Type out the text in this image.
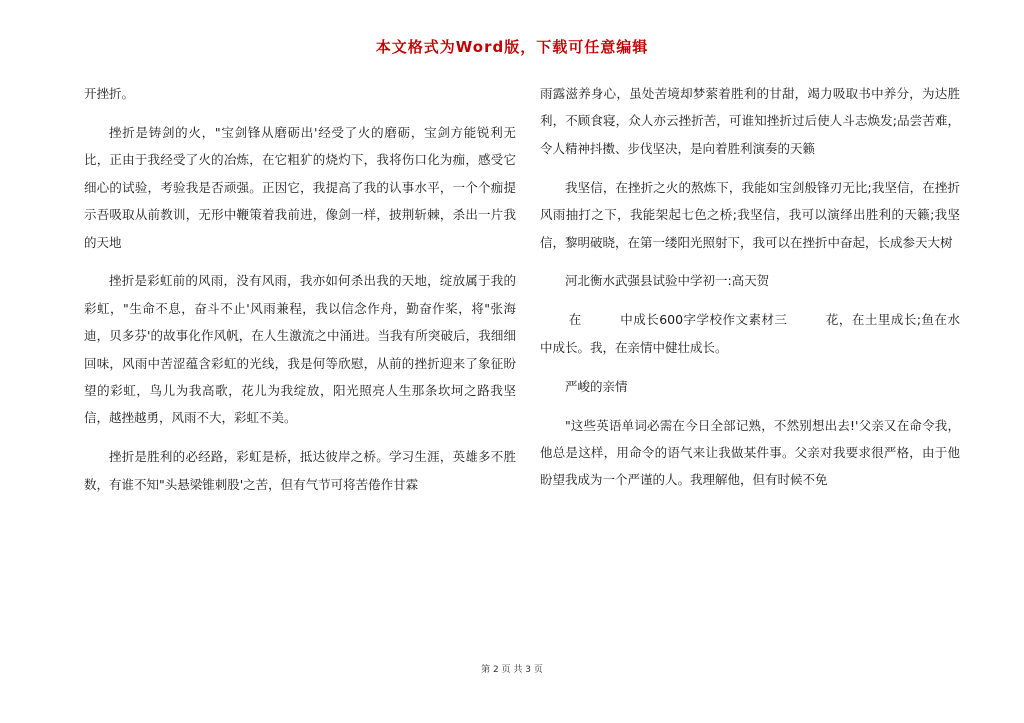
本文格式为Word版，下载可任意编辑

开挫折。

挫折是铸剑的火，"宝剑锋从磨砺出'经受了火的磨砺，宝剑方能锐利无比，正由于我经受了火的冶炼，在它粗犷的烧灼下，我将伤口化为痂，感受它细心的试验，考验我是否顽强。正因它，我提高了我的认事水平，一个个痂提示吾吸取从前教训，无形中鞭策着我前进，像剑一样，披荆斩棘，杀出一片我的天地

挫折是彩虹前的风雨，没有风雨，我亦如何杀出我的天地，绽放属于我的彩虹，"生命不息，奋斗不止'风雨兼程，我以信念作舟，勤奋作桨，将"张海迪，贝多芬'的故事化作风帆，在人生激流之中涌进。当我有所突破后，我细细回味，风雨中苦涩蕴含彩虹的光线，我是何等欣慰，从前的挫折迎来了象征盼望的彩虹，鸟儿为我高歌，花儿为我绽放，阳光照亮人生那条坎坷之路我坚信，越挫越勇，风雨不大，彩虹不美。

挫折是胜利的必经路，彩虹是桥，抵达彼岸之桥。学习生涯，英雄多不胜数，有谁不知"头悬梁锥刺股'之苦，但有气节可将苦倦作甘霖

雨露滋养身心，虽处苦境却梦萦着胜利的甘甜，竭力吸取书中养分，为达胜利，不顾食寝，众人亦云挫折苦，可谁知挫折过后使人斗志焕发;品尝苦难，令人精神抖擞、步伐坚决，是向着胜利演奏的天籁

我坚信，在挫折之火的熬炼下，我能如宝剑般锋刃无比;我坚信，在挫折风雨抽打之下，我能架起七色之桥;我坚信，我可以演绎出胜利的天籁;我坚信，黎明破晓，在第一缕阳光照射下，我可以在挫折中奋起，长成参天大树

河北衡水武强县试验中学初一:高天贺

在	中成长600字学校作文素材三	花，在土里成长;鱼在水中成长。我，在亲情中健壮成长。

严峻的亲情

"这些英语单词必需在今日全部记熟，不然别想出去!'父亲又在命令我，他总是这样，用命令的语气来让我做某件事。父亲对我要求很严格，由于他盼望我成为一个严谨的人。我理解他，但有时候不免

第 2 页 共 3 页
